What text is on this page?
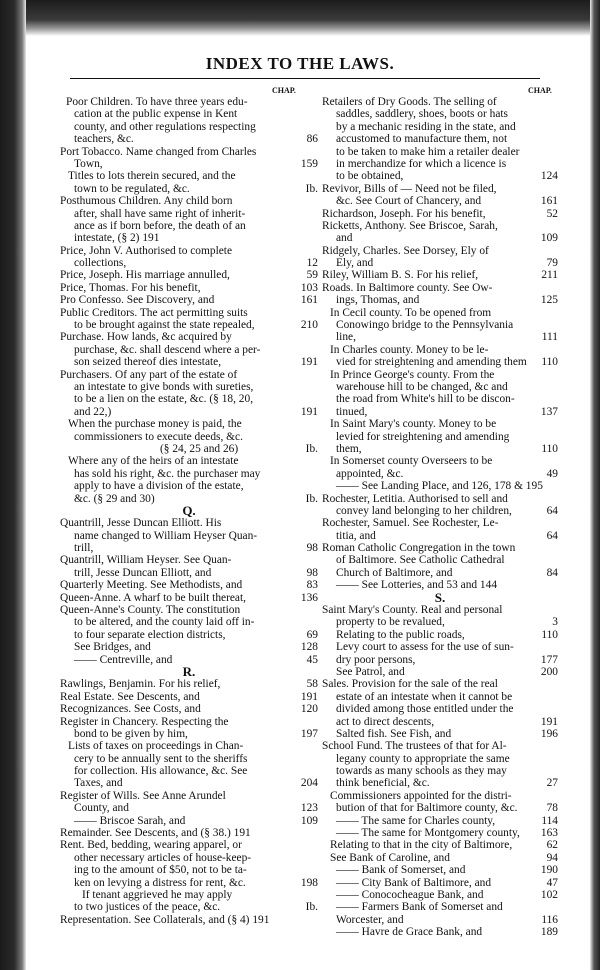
INDEX TO THE LAWS.
CHAP.	CHAP.
Poor Children. To have three years edu-
cation at the public expense in Kent
county, and other regulations respecting
86
teachers, &c.
Port Tobacco. Name changed from Charles
159
Town,
Titles to lots therein secured, and the
Ib.
town to be regulated, &c.
Posthumous Children. Any child born
after, shall have same right of inherit-
ance as if born before, the death of an
intestate, (§ 2) 191
Price, John V. Authorised to complete
12
collections,
59
Price, Joseph. His marriage annulled,
103
Price, Thomas. For his benefit,
161
Pro Confesso. See Discovery, and
Public Creditors. The act permitting suits
210
to be brought against the state repealed,
Purchase. How lands, &c acquired by
purchase, &c. shall descend where a per-
191
son seized thereof dies intestate,
Purchasers. Of any part of the estate of
an intestate to give bonds with sureties,
to be a lien on the estate, &c. (§ 18, 20,
191
and 22,)
When the purchase money is paid, the
commissioners to execute deeds, &c.
Ib.
(§ 24, 25 and 26)
Where any of the heirs of an intestate
has sold his right, &c. the purchaser may
apply to have a division of the estate,
Ib.
&c. (§ 29 and 30)
Q.
Quantrill, Jesse Duncan Elliott. His
name changed to William Heyser Quan-
98
trill,
Quantrill, William Heyser. See Quan-
98
trill, Jesse Duncan Elliott, and
83
Quarterly Meeting. See Methodists, and
136
Queen-Anne. A wharf to be built thereat,
Queen-Anne's County. The constitution
to be altered, and the county laid off in-
69
to four separate election districts,
128
See Bridges, and
45
—— Centreville, and
R.
58
Rawlings, Benjamin. For his relief,
191
Real Estate. See Descents, and
120
Recognizances. See Costs, and
Register in Chancery. Respecting the
197
bond to be given by him,
Lists of taxes on proceedings in Chan-
cery to be annually sent to the sheriffs
for collection. His allowance, &c. See
204
Taxes, and
Register of Wills. See Anne Arundel
123
County, and
109
—— Briscoe Sarah, and
Remainder. See Descents, and (§ 38.) 191
Rent. Bed, bedding, wearing apparel, or
other necessary articles of house-keep-
ing to the amount of $50, not to be ta-
198
ken on levying a distress for rent, &c.
If tenant aggrieved he may apply
Ib.
to two justices of the peace, &c.
Representation. See Collaterals, and (§ 4) 191
Retailers of Dry Goods. The selling of
saddles, saddlery, shoes, boots or hats
by a mechanic residing in the state, and
accustomed to manufacture them, not
to be taken to make him a retailer dealer
in merchandize for which a licence is
124
to be obtained,
Revivor, Bills of — Need not be filed,
161
&c. See Court of Chancery, and
52
Richardson, Joseph. For his benefit,
Ricketts, Anthony. See Briscoe, Sarah,
109
and
Ridgely, Charles. See Dorsey, Ely of
79
Ely, and
211
Riley, William B. S. For his relief,
Roads. In Baltimore county. See Ow-
125
ings, Thomas, and
In Cecil county. To be opened from
Conowingo bridge to the Pennsylvania
111
line,
In Charles county. Money to be le-
110
vied for streightening and amending them
In Prince George's county. From the
warehouse hill to be changed, &c and
the road from White's hill to be discon-
137
tinued,
In Saint Mary's county. Money to be
levied for streightening and amending
110
them,
In Somerset county Overseers to be
49
appointed, &c.
—— See Landing Place, and 126, 178 & 195
Rochester, Letitia. Authorised to sell and
64
convey land belonging to her children,
Rochester, Samuel. See Rochester, Le-
64
titia, and
Roman Catholic Congregation in the town
of Baltimore. See Catholic Cathedral
84
Church of Baltimore, and
—— See Lotteries, and 53 and 144
S.
Saint Mary's County. Real and personal
3
property to be revalued,
110
Relating to the public roads,
Levy court to assess for the use of sun-
177
dry poor persons,
200
See Patrol, and
Sales. Provision for the sale of the real
estate of an intestate when it cannot be
divided among those entitled under the
191
act to direct descents,
196
Salted fish. See Fish, and
School Fund. The trustees of that for Al-
legany county to appropriate the same
towards as many schools as they may
27
think beneficial, &c.
Commissioners appointed for the distri-
78
bution of that for Baltimore county, &c.
114
—— The same for Charles county,
163
—— The same for Montgomery county,
62
Relating to that in the city of Baltimore,
94
See Bank of Caroline, and
190
—— Bank of Somerset, and
47
—— City Bank of Baltimore, and
102
—— Conococheague Bank, and
—— Farmers Bank of Somerset and
116
Worcester, and
189
—— Havre de Grace Bank, and
